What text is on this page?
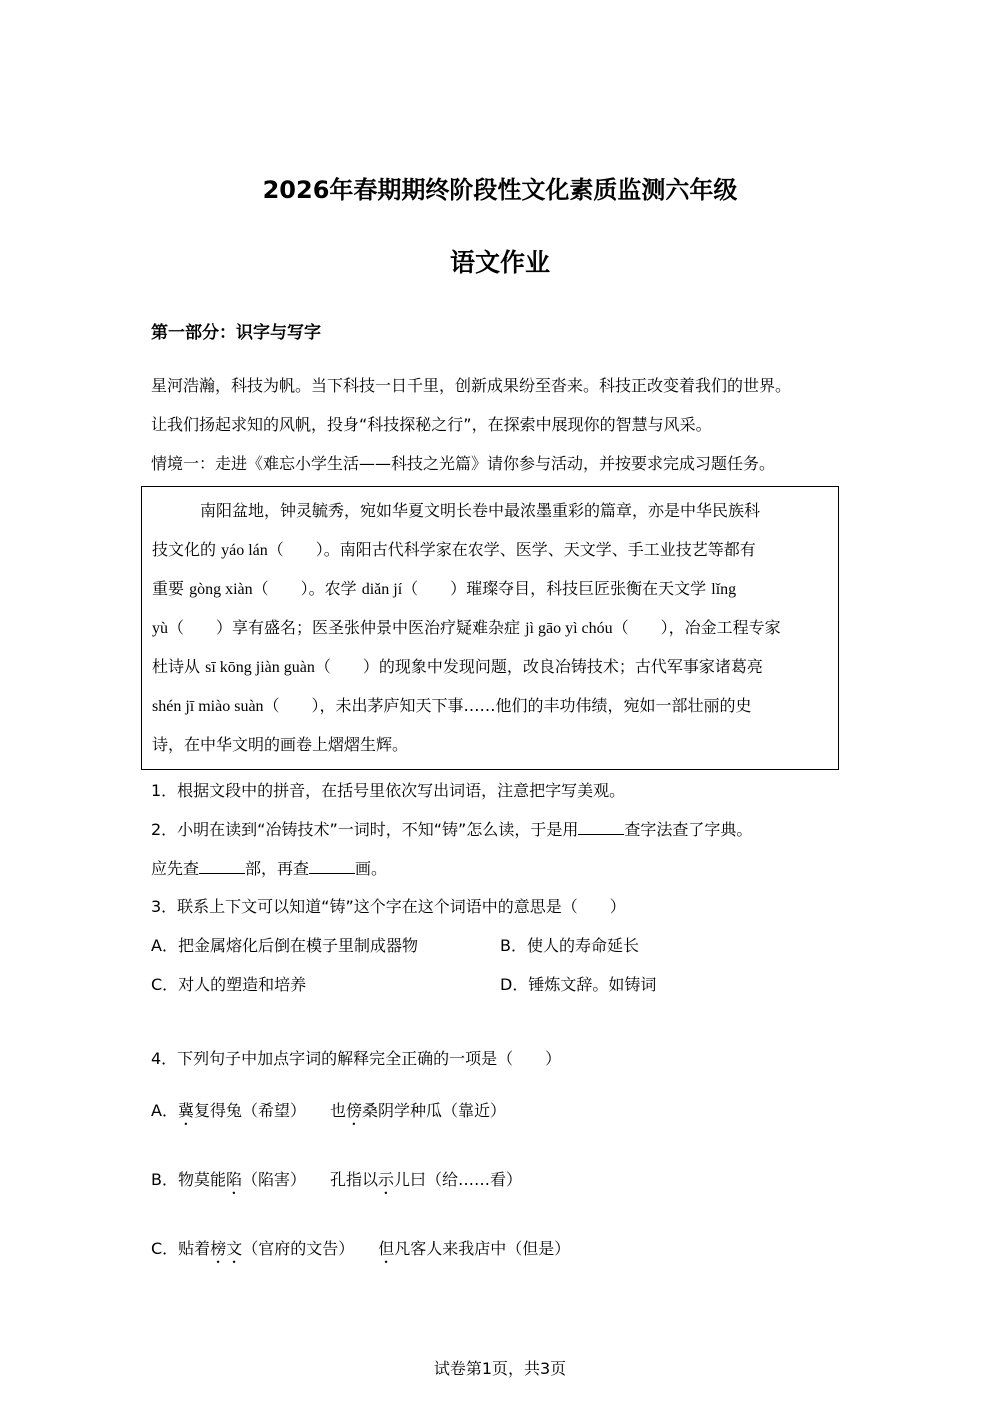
2026年春期期终阶段性文化素质监测六年级
语文作业
第一部分：识字与写字
星河浩瀚，科技为帆。当下科技一日千里，创新成果纷至沓来。科技正改变着我们的世界。
让我们扬起求知的风帆，投身“科技探秘之行”，在探索中展现你的智慧与风采。
情境一：走进《难忘小学生活——科技之光篇》请你参与活动，并按要求完成习题任务。
南阳盆地，钟灵毓秀，宛如华夏文明长卷中最浓墨重彩的篇章，亦是中华民族科
技文化的 yáo lán（　　）。南阳古代科学家在农学、医学、天文学、手工业技艺等都有
重要 gòng xiàn（　　）。农学 diǎn jí（　　）璀璨夺目，科技巨匠张衡在天文学 lǐng
yù（　　）享有盛名；医圣张仲景中医治疗疑难杂症 jì gāo yì chóu（　　），冶金工程专家
杜诗从 sī kōng jiàn guàn（　　）的现象中发现问题，改良冶铸技术；古代军事家诸葛亮
shén jī miào suàn（　　），未出茅庐知天下事……他们的丰功伟绩，宛如一部壮丽的史
诗，在中华文明的画卷上熠熠生辉。
1．根据文段中的拼音，在括号里依次写出词语，注意把字写美观。
2．小明在读到“冶铸技术”一词时，不知“铸”怎么读，于是用	查字法查了字典。
应先查	部，再查	画。
3．联系上下文可以知道“铸”这个字在这个词语中的意思是（　　）
A．把金属熔化后倒在模子里制成器物	B．使人的寿命延长
C．对人的塑造和培养	D．锤炼文辞。如铸词
4．下列句子中加点字词的解释完全正确的一项是（　　）
A．冀复得兔（希望）　　也傍桑阴学种瓜（靠近）
B．物莫能陷（陷害）　　孔指以示儿曰（给……看）
C．贴着榜文（官府的文告）　　但凡客人来我店中（但是）
试卷第1页，共3页
